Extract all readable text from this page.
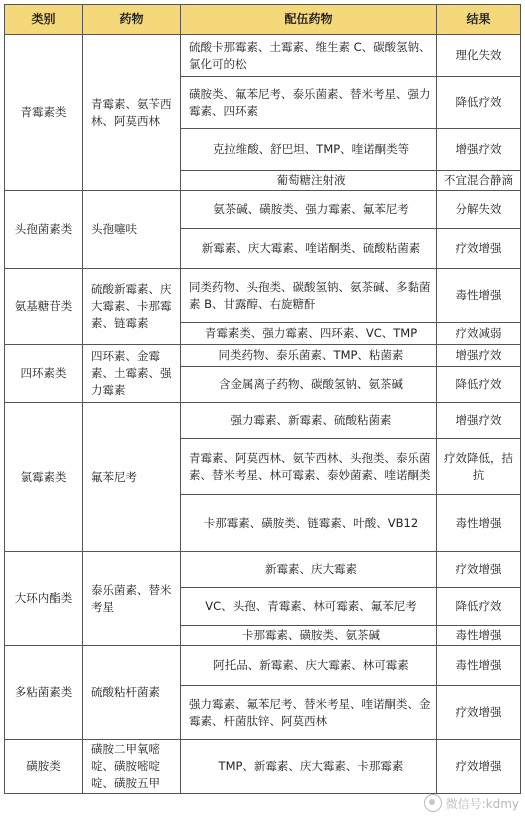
类别	药物	配伍药物	结果
青霉素类	青霉素、氨苄西林、阿莫西林	硫酸卡那霉素、土霉素、维生素 C、碳酸氢钠、氯化可的松	理化失效
		磺胺类、氟苯尼考、泰乐菌素、替米考星、强力霉素、四环素	降低疗效
		克拉维酸、舒巴坦、TMP、喹诺酮类等	增强疗效
		葡萄糖注射液	不宜混合静滴
头孢菌素类	头孢噻呋	氨茶碱、磺胺类、强力霉素、氟苯尼考	分解失效
		新霉素、庆大霉素、喹诺酮类、硫酸粘菌素	疗效增强
氨基糖苷类	硫酸新霉素、庆大霉素、卡那霉素、链霉素	同类药物、头孢类、碳酸氢钠、氨茶碱、多黏菌素 B、甘露醇、右旋糖酐	毒性增强
		青霉素类、强力霉素、四环素、VC、TMP	疗效减弱
四环素类	四环素、金霉素、土霉素、强力霉素	同类药物、泰乐菌素、TMP、粘菌素	增强疗效
		含金属离子药物、碳酸氢钠、氨茶碱	降低疗效
氯霉素类	氟苯尼考	强力霉素、新霉素、硫酸粘菌素	增强疗效
		青霉素、阿莫西林、氨苄西林、头孢类、泰乐菌素、替米考星、林可霉素、泰妙菌素、喹诺酮类	疗效降低，拮抗
		卡那霉素、磺胺类、链霉素、叶酸、VB12	毒性增强
大环内酯类	泰乐菌素、替米考星	新霉素、庆大霉素	疗效增强
		VC、头孢、青霉素、林可霉素、氟苯尼考	降低疗效
		卡那霉素、磺胺类、氨茶碱	毒性增强
多粘菌素类	硫酸粘杆菌素	阿托品、新霉素、庆大霉素、林可霉素	毒性增强
		强力霉素、氟苯尼考、替米考星、喹诺酮类、金霉素、杆菌肽锌、阿莫西林	疗效增强
磺胺类	磺胺二甲氧嘧啶、磺胺嘧啶啶、磺胺五甲	TMP、新霉素、庆大霉素、卡那霉素	疗效增强
微信号:kdmy
